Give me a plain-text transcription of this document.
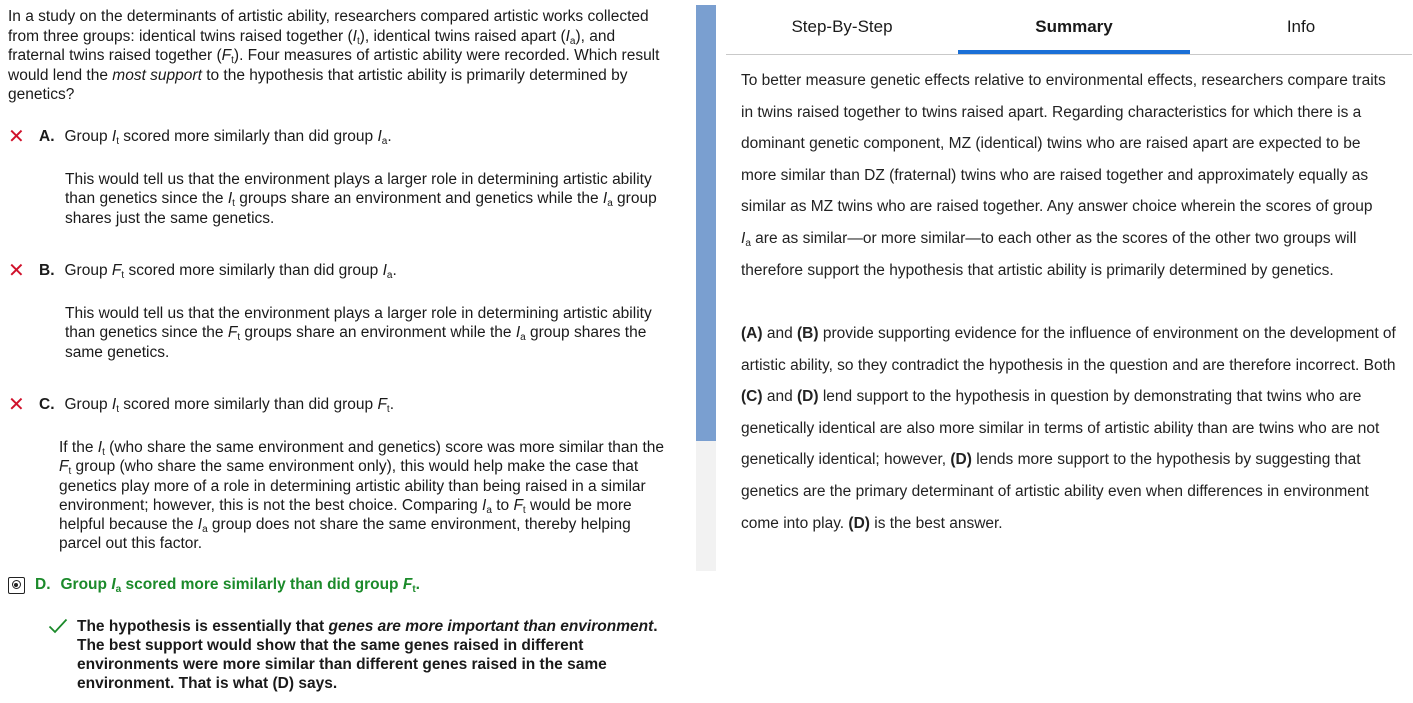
In a study on the determinants of artistic ability, researchers compared artistic works collected
from three groups: identical twins raised together $(I_t)$, identical twins raised apart $(I_a)$, and
fraternal twins raised together $(F_t)$. Four measures of artistic ability were recorded. Which result
would lend the most support to the hypothesis that artistic ability is primarily determined by
genetics?
✕ A. Group $I_t$ scored more similarly than did group $I_a$.
This would tell us that the environment plays a larger role in determining artistic ability
than genetics since the $I_t$ groups share an environment and genetics while the $I_a$ group
shares just the same genetics.
✕ B. Group $F_t$ scored more similarly than did group $I_a$.
This would tell us that the environment plays a larger role in determining artistic ability
than genetics since the $F_t$ groups share an environment while the $I_a$ group shares the
same genetics.
✕ C. Group $I_t$ scored more similarly than did group $F_t$.
If the $I_t$ (who share the same environment and genetics) score was more similar than the
$F_t$ group (who share the same environment only), this would help make the case that
genetics play more of a role in determining artistic ability than being raised in a similar
environment; however, this is not the best choice. Comparing $I_a$ to $F_t$ would be more
helpful because the $I_a$ group does not share the same environment, thereby helping
parcel out this factor.
D. Group $I_a$ scored more similarly than did group $F_t$.
The hypothesis is essentially that genes are more important than environment.
The best support would show that the same genes raised in different
environments were more similar than different genes raised in the same
environment. That is what (D) says.
Step-By-Step	Summary	Info
To better measure genetic effects relative to environmental effects, researchers compare traits
in twins raised together to twins raised apart. Regarding characteristics for which there is a
dominant genetic component, MZ (identical) twins who are raised apart are expected to be
more similar than DZ (fraternal) twins who are raised together and approximately equally as
similar as MZ twins who are raised together. Any answer choice wherein the scores of group
$I_a$ are as similar—or more similar—to each other as the scores of the other two groups will
therefore support the hypothesis that artistic ability is primarily determined by genetics.
(A) and (B) provide supporting evidence for the influence of environment on the development of
artistic ability, so they contradict the hypothesis in the question and are therefore incorrect. Both
(C) and (D) lend support to the hypothesis in question by demonstrating that twins who are
genetically identical are also more similar in terms of artistic ability than are twins who are not
genetically identical; however, (D) lends more support to the hypothesis by suggesting that
genetics are the primary determinant of artistic ability even when differences in environment
come into play. (D) is the best answer.
